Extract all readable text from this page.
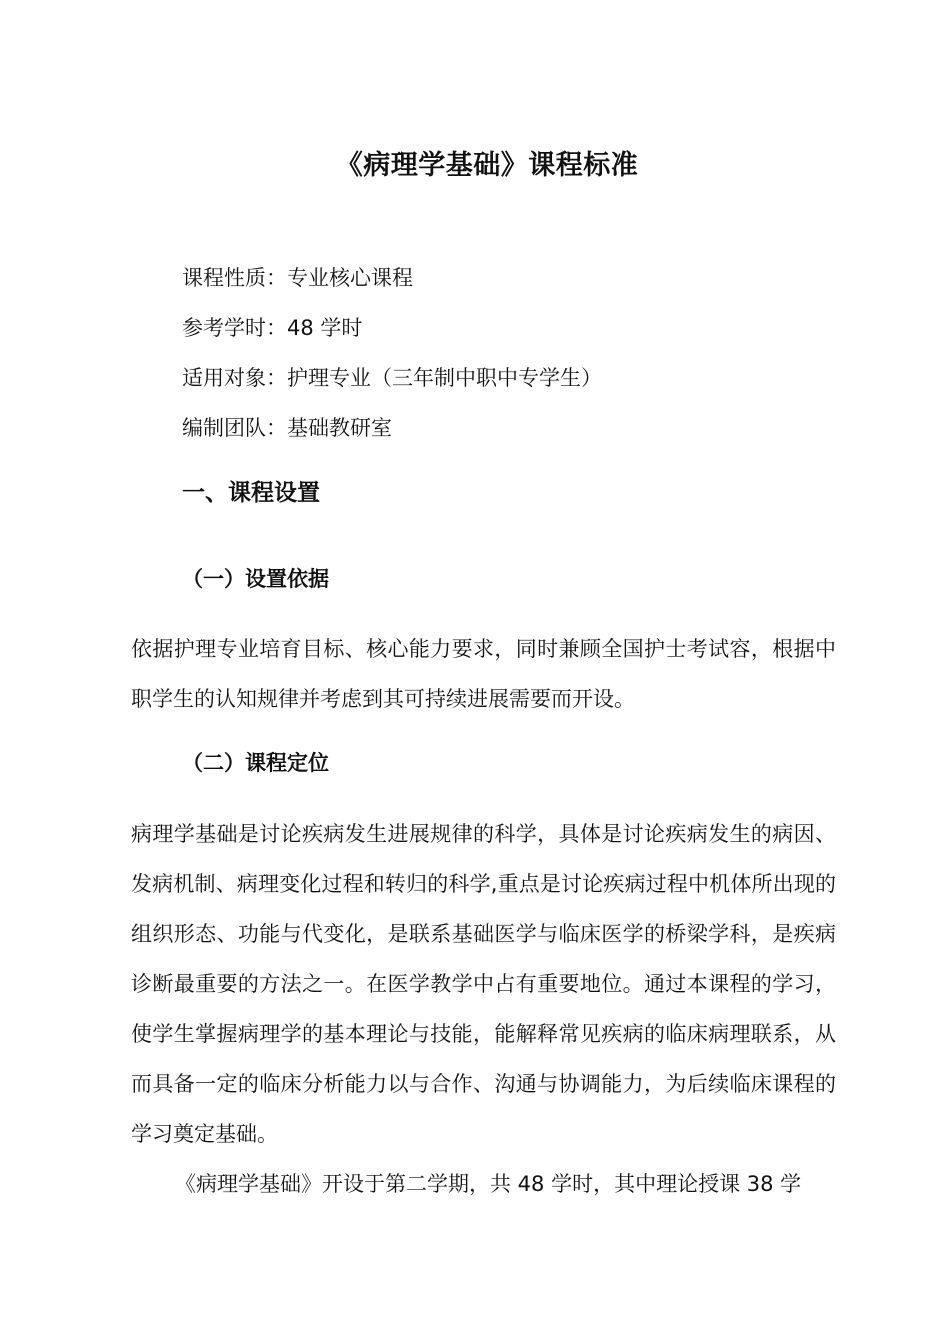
《病理学基础》课程标准
课程性质：专业核心课程
参考学时：48 学时
适用对象：护理专业（三年制中职中专学生）
编制团队：基础教研室
一、课程设置
（一）设置依据

依据护理专业培育目标、核心能力要求，同时兼顾全国护士考试容，根据中职学生的认知规律并考虑到其可持续进展需要而开设。

（二）课程定位

病理学基础是讨论疾病发生进展规律的科学，具体是讨论疾病发生的病因、发病机制、病理变化过程和转归的科学,重点是讨论疾病过程中机体所出现的组织形态、功能与代变化，是联系基础医学与临床医学的桥梁学科，是疾病诊断最重要的方法之一。在医学教学中占有重要地位。通过本课程的学习，使学生掌握病理学的基本理论与技能，能解释常见疾病的临床病理联系，从而具备一定的临床分析能力以与合作、沟通与协调能力，为后续临床课程的学习奠定基础。

《病理学基础》开设于第二学期，共 48 学时，其中理论授课 38 学
